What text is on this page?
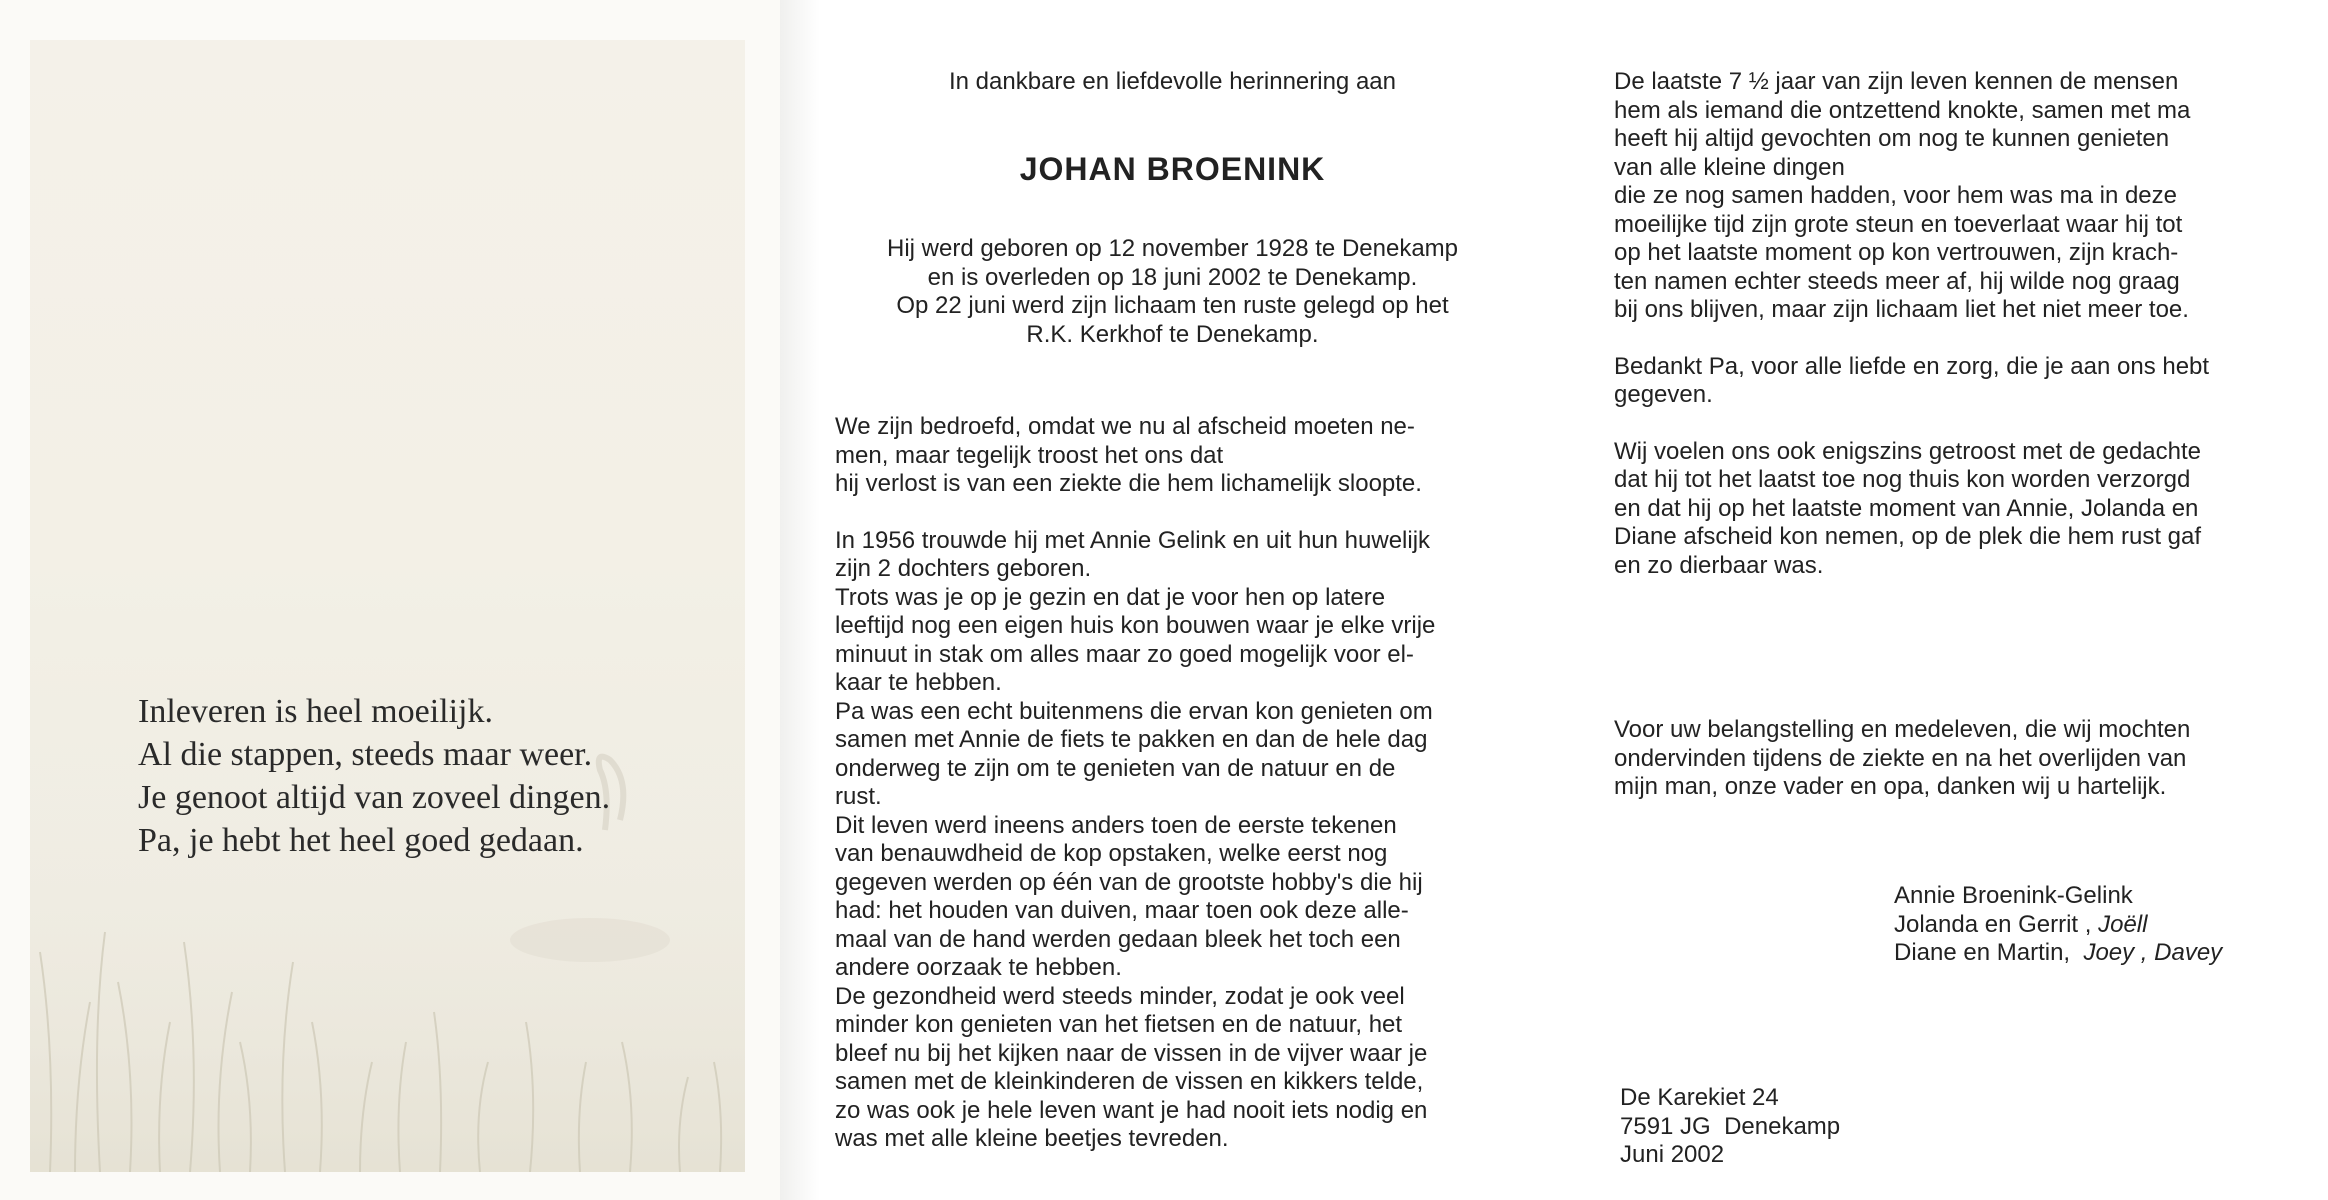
Inleveren is heel moeilijk.
Al die stappen, steeds maar weer.
Je genoot altijd van zoveel dingen.
Pa, je hebt het heel goed gedaan.

In dankbare en liefdevolle herinnering aan

JOHAN BROENINK

Hij werd geboren op 12 november 1928 te Denekamp
en is overleden op 18 juni 2002 te Denekamp.
Op 22 juni werd zijn lichaam ten ruste gelegd op het
R.K. Kerkhof te Denekamp.

We zijn bedroefd, omdat we nu al afscheid moeten ne-
men, maar tegelijk troost het ons dat
hij verlost is van een ziekte die hem lichamelijk sloopte.

In 1956 trouwde hij met Annie Gelink en uit hun huwelijk
zijn 2 dochters geboren.
Trots was je op je gezin en dat je voor hen op latere
leeftijd nog een eigen huis kon bouwen waar je elke vrije
minuut in stak om alles maar zo goed mogelijk voor el-
kaar te hebben.
Pa was een echt buitenmens die ervan kon genieten om
samen met Annie de fiets te pakken en dan de hele dag
onderweg te zijn om te genieten van de natuur en de
rust.
Dit leven werd ineens anders toen de eerste tekenen
van benauwdheid de kop opstaken, welke eerst nog
gegeven werden op één van de grootste hobby's die hij
had: het houden van duiven, maar toen ook deze alle-
maal van de hand werden gedaan bleek het toch een
andere oorzaak te hebben.
De gezondheid werd steeds minder, zodat je ook veel
minder kon genieten van het fietsen en de natuur, het
bleef nu bij het kijken naar de vissen in de vijver waar je
samen met de kleinkinderen de vissen en kikkers telde,
zo was ook je hele leven want je had nooit iets nodig en
was met alle kleine beetjes tevreden.

De laatste 7 ½ jaar van zijn leven kennen de mensen
hem als iemand die ontzettend knokte, samen met ma
heeft hij altijd gevochten om nog te kunnen genieten
van alle kleine dingen
die ze nog samen hadden, voor hem was ma in deze
moeilijke tijd zijn grote steun en toeverlaat waar hij tot
op het laatste moment op kon vertrouwen, zijn krach-
ten namen echter steeds meer af, hij wilde nog graag
bij ons blijven, maar zijn lichaam liet het niet meer toe.

Bedankt Pa, voor alle liefde en zorg, die je aan ons hebt
gegeven.

Wij voelen ons ook enigszins getroost met de gedachte
dat hij tot het laatst toe nog thuis kon worden verzorgd
en dat hij op het laatste moment van Annie, Jolanda en
Diane afscheid kon nemen, op de plek die hem rust gaf
en zo dierbaar was.

Voor uw belangstelling en medeleven, die wij mochten
ondervinden tijdens de ziekte en na het overlijden van
mijn man, onze vader en opa, danken wij u hartelijk.

Annie Broenink-Gelink
Jolanda en Gerrit , Joëll
Diane en Martin, Joey , Davey
De Karekiet 24
7591 JG  Denekamp
Juni 2002
